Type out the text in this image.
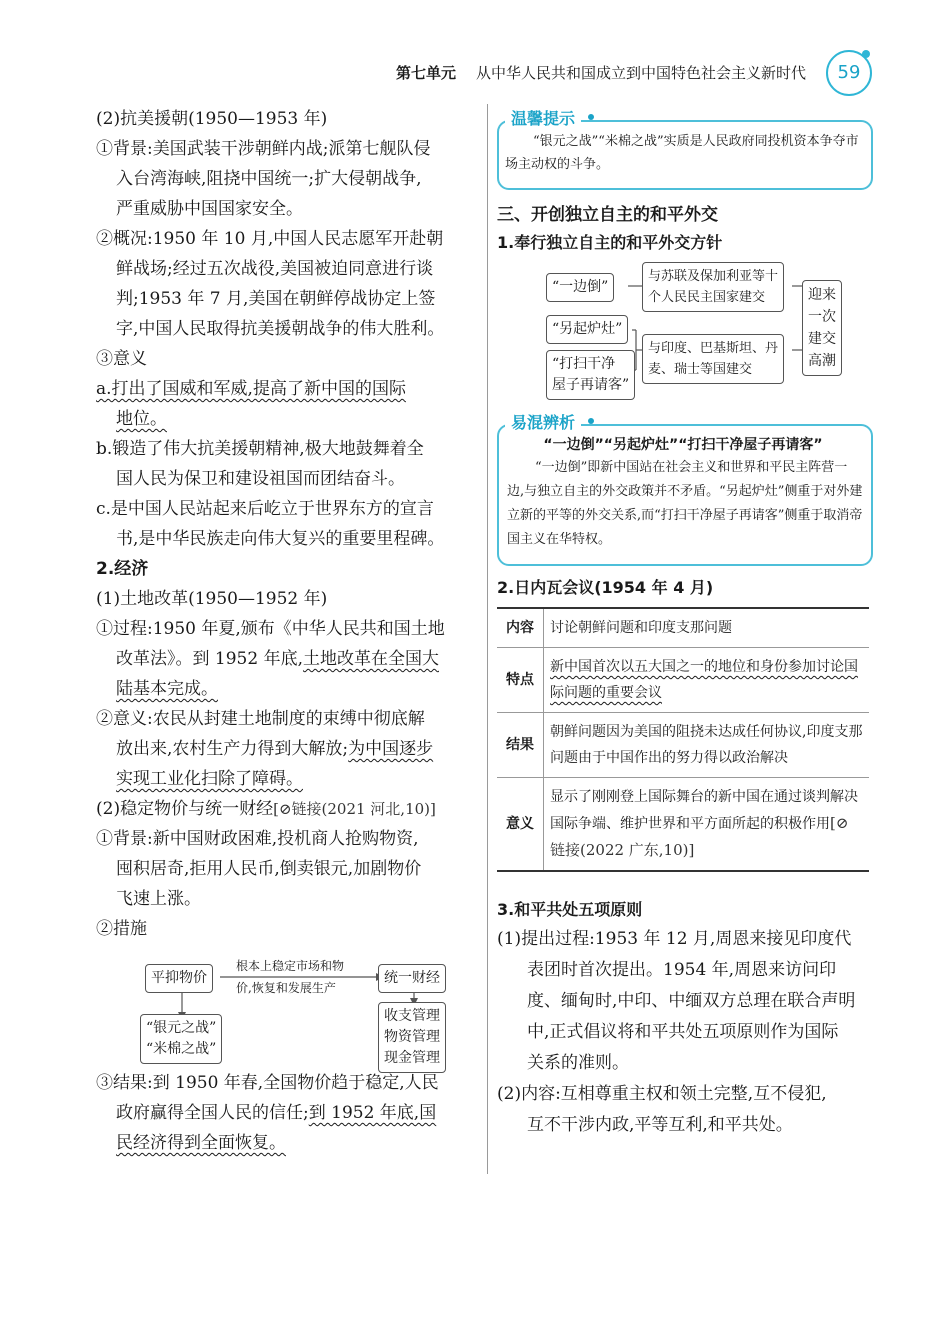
第七单元 从中华人民共和国成立到中国特色社会主义新时代	59
(2)抗美援朝(1950—1953 年)
①背景:美国武装干涉朝鲜内战;派第七舰队侵
入台湾海峡,阻挠中国统一;扩大侵朝战争,
严重威胁中国国家安全。
②概况:1950 年 10 月,中国人民志愿军开赴朝
鲜战场;经过五次战役,美国被迫同意进行谈
判;1953 年 7 月,美国在朝鲜停战协定上签
字,中国人民取得抗美援朝战争的伟大胜利。
③意义
a.打出了国威和军威,提高了新中国的国际
地位。
b.锻造了伟大抗美援朝精神,极大地鼓舞着全
国人民为保卫和建设祖国而团结奋斗。
c.是中国人民站起来后屹立于世界东方的宣言
书,是中华民族走向伟大复兴的重要里程碑。
2.经济
(1)土地改革(1950—1952 年)
①过程:1950 年夏,颁布《中华人民共和国土地
改革法》。到 1952 年底,土地改革在全国大
陆基本完成。
②意义:农民从封建土地制度的束缚中彻底解
放出来,农村生产力得到大解放;为中国逐步
实现工业化扫除了障碍。
(2)稳定物价与统一财经[⊘链接(2021 河北,10)]
①背景:新中国财政困难,投机商人抢购物资,
囤积居奇,拒用人民币,倒卖银元,加剧物价
飞速上涨。
②措施
③结果:到 1950 年春,全国物价趋于稳定,人民
政府赢得全国人民的信任;到 1952 年底,国
民经济得到全面恢复。
平抑物价
根本上稳定市场和物
价,恢复和发展生产
统一财经
“银元之战”
“米棉之战”
收支管理
物资管理
现金管理
温馨提示
“银元之战”“米棉之战”实质是人民政府同投机资本争夺市场主动权的斗争。
三、开创独立自主的和平外交
1.奉行独立自主的和平外交方针
“一边倒”
与苏联及保加利亚等十
个人民民主国家建交
“另起炉灶”
“打扫干净
屋子再请客”
与印度、巴基斯坦、丹
麦、瑞士等国建交
迎来
一次
建交
高潮
易混辨析
“一边倒”“另起炉灶”“打扫干净屋子再请客”
“一边倒”即新中国站在社会主义和世界和平民主阵营一边,与独立自主的外交政策并不矛盾。“另起炉灶”侧重于对外建立新的平等的外交关系,而“打扫干净屋子再请客”侧重于取消帝国主义在华特权。
2.日内瓦会议(1954 年 4 月)
内容	讨论朝鲜问题和印度支那问题
特点	新中国首次以五大国之一的地位和身份参加讨论国际问题的重要会议
结果	朝鲜问题因为美国的阻挠未达成任何协议,印度支那问题由于中国作出的努力得以政治解决
意义	显示了刚刚登上国际舞台的新中国在通过谈判解决国际争端、维护世界和平方面所起的积极作用[⊘链接(2022 广东,10)]
3.和平共处五项原则
(1)提出过程:1953 年 12 月,周恩来接见印度代
表团时首次提出。1954 年,周恩来访问印
度、缅甸时,中印、中缅双方总理在联合声明
中,正式倡议将和平共处五项原则作为国际
关系的准则。
(2)内容:互相尊重主权和领土完整,互不侵犯,
互不干涉内政,平等互利,和平共处。
